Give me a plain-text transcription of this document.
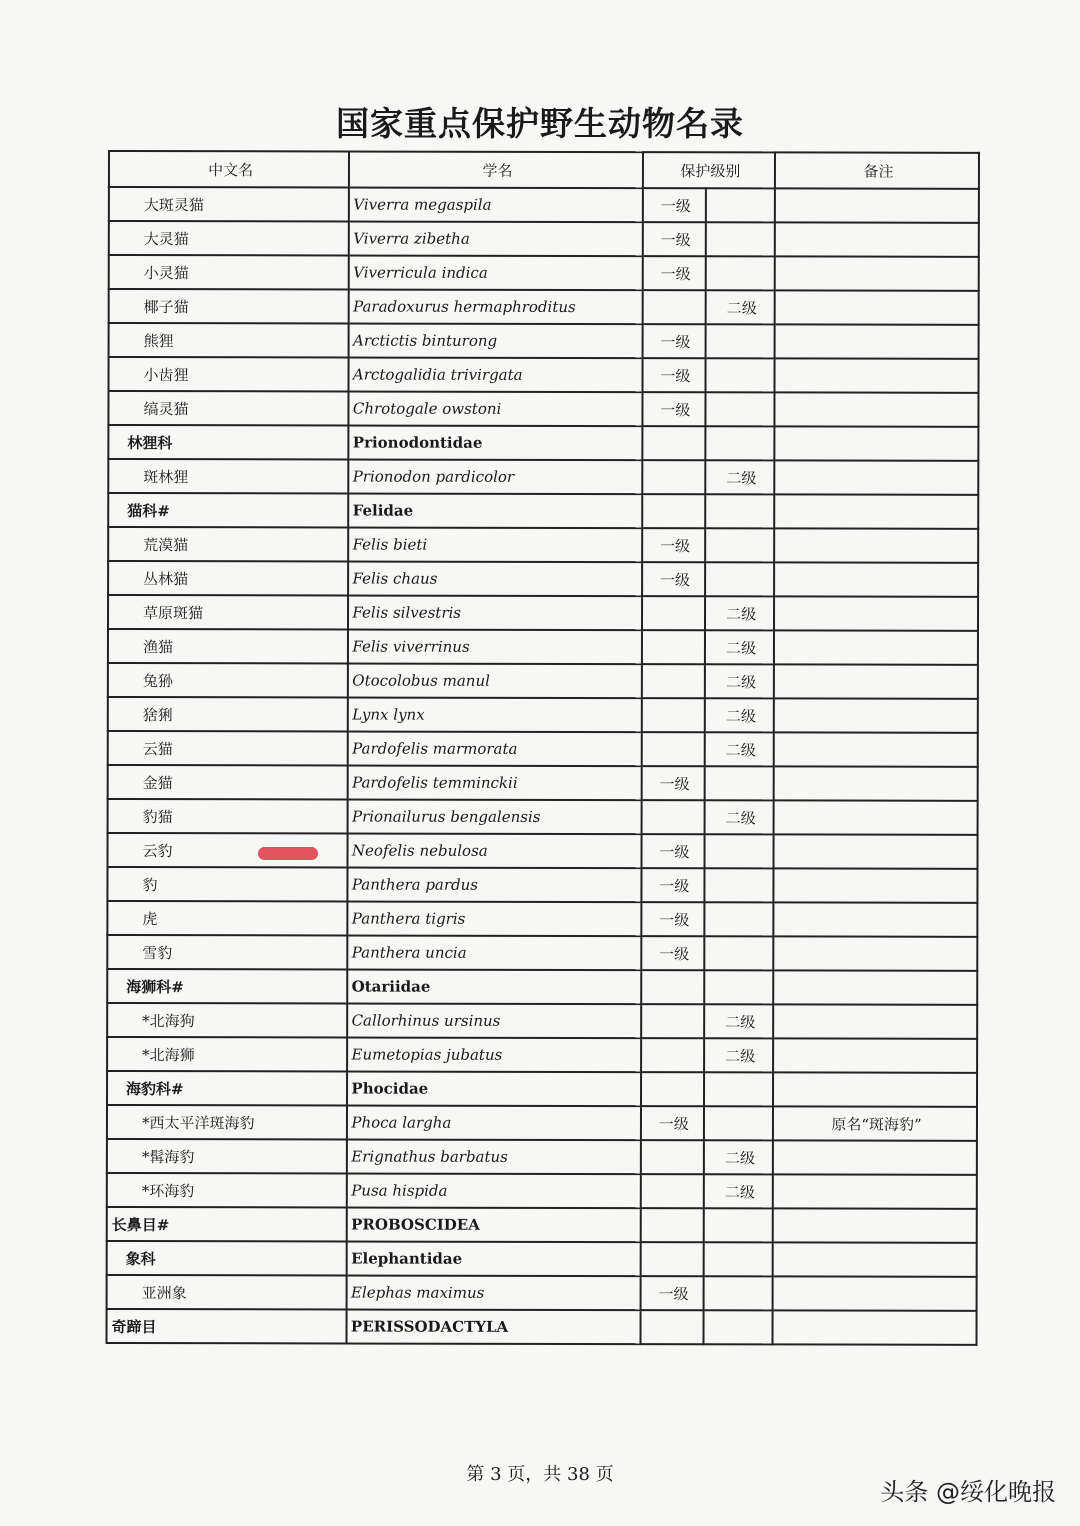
国家重点保护野生动物名录
中文名	学名	保护级别		备注
大斑灵猫	Viverra megaspila	一级		
大灵猫	Viverra zibetha	一级		
小灵猫	Viverricula indica	一级		
椰子猫	Paradoxurus hermaphroditus		二级	
熊狸	Arctictis binturong	一级		
小齿狸	Arctogalidia trivirgata	一级		
缟灵猫	Chrotogale owstoni	一级		
林狸科	Prionodontidae			
斑林狸	Prionodon pardicolor		二级	
猫科#	Felidae			
荒漠猫	Felis bieti	一级		
丛林猫	Felis chaus	一级		
草原斑猫	Felis silvestris		二级	
渔猫	Felis viverrinus		二级	
兔狲	Otocolobus manul		二级	
猞猁	Lynx lynx		二级	
云猫	Pardofelis marmorata		二级	
金猫	Pardofelis temminckii	一级		
豹猫	Prionailurus bengalensis		二级	
云豹	Neofelis nebulosa	一级		
豹	Panthera pardus	一级		
虎	Panthera tigris	一级		
雪豹	Panthera uncia	一级		
海狮科#	Otariidae			
*北海狗	Callorhinus ursinus		二级	
*北海狮	Eumetopias jubatus		二级	
海豹科#	Phocidae			
*西太平洋斑海豹	Phoca largha	一级		原名“斑海豹”
*髯海豹	Erignathus barbatus		二级	
*环海豹	Pusa hispida		二级	
长鼻目#	PROBOSCIDEA			
象科	Elephantidae			
亚洲象	Elephas maximus	一级		
奇蹄目	PERISSODACTYLA			
第 3 页，共 38 页
头条 @绥化晚报
